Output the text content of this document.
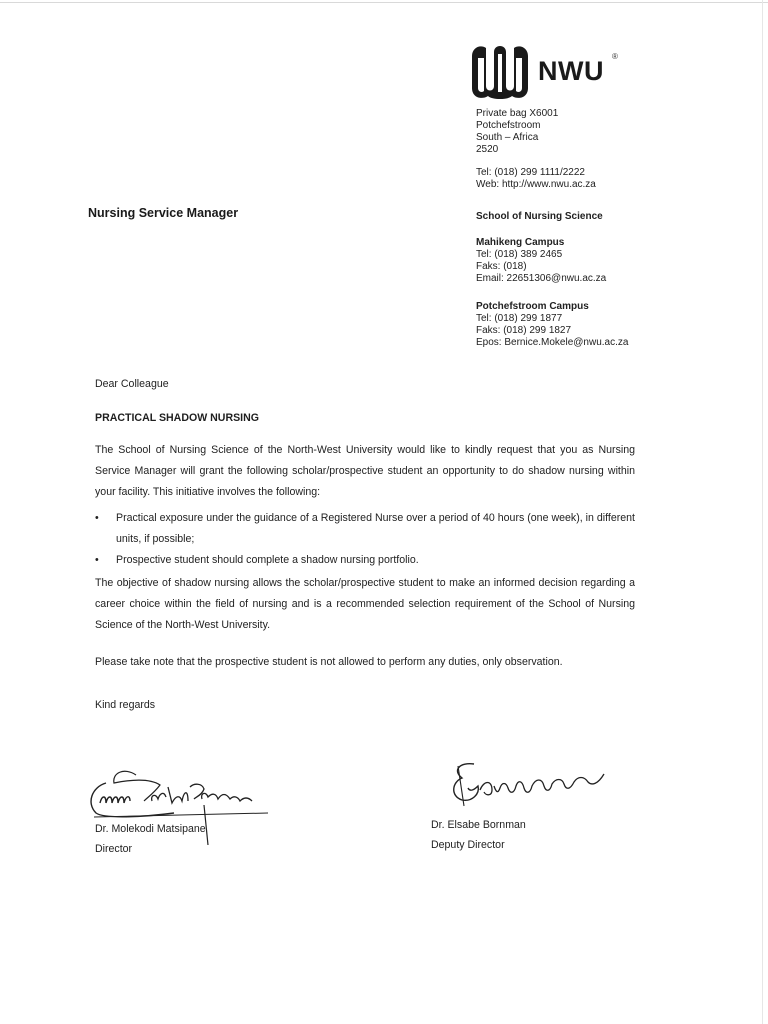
NWU ®
Private bag X6001
Potchefstroom
South – Africa
2520
Tel: (018) 299 1111/2222
Web: http://www.nwu.ac.za
School of Nursing Science
Mahikeng Campus
Tel: (018) 389 2465
Faks: (018)
Email: 22651306@nwu.ac.za
Potchefstroom Campus
Tel: (018) 299 1877
Faks: (018) 299 1827
Epos: Bernice.Mokele@nwu.ac.za
Nursing Service Manager
Dear Colleague
PRACTICAL SHADOW NURSING
The School of Nursing Science of the North-West University would like to kindly request that you as Nursing Service Manager will grant the following scholar/prospective student an opportunity to do shadow nursing within your facility. This initiative involves the following:
• Practical exposure under the guidance of a Registered Nurse over a period of 40 hours (one week), in different units, if possible;
• Prospective student should complete a shadow nursing portfolio.
The objective of shadow nursing allows the scholar/prospective student to make an informed decision regarding a career choice within the field of nursing and is a recommended selection requirement of the School of Nursing Science of the North-West University.
Please take note that the prospective student is not allowed to perform any duties, only observation.
Kind regards
Dr. Molekodi Matsipane
Director
Dr. Elsabe Bornman
Deputy Director
